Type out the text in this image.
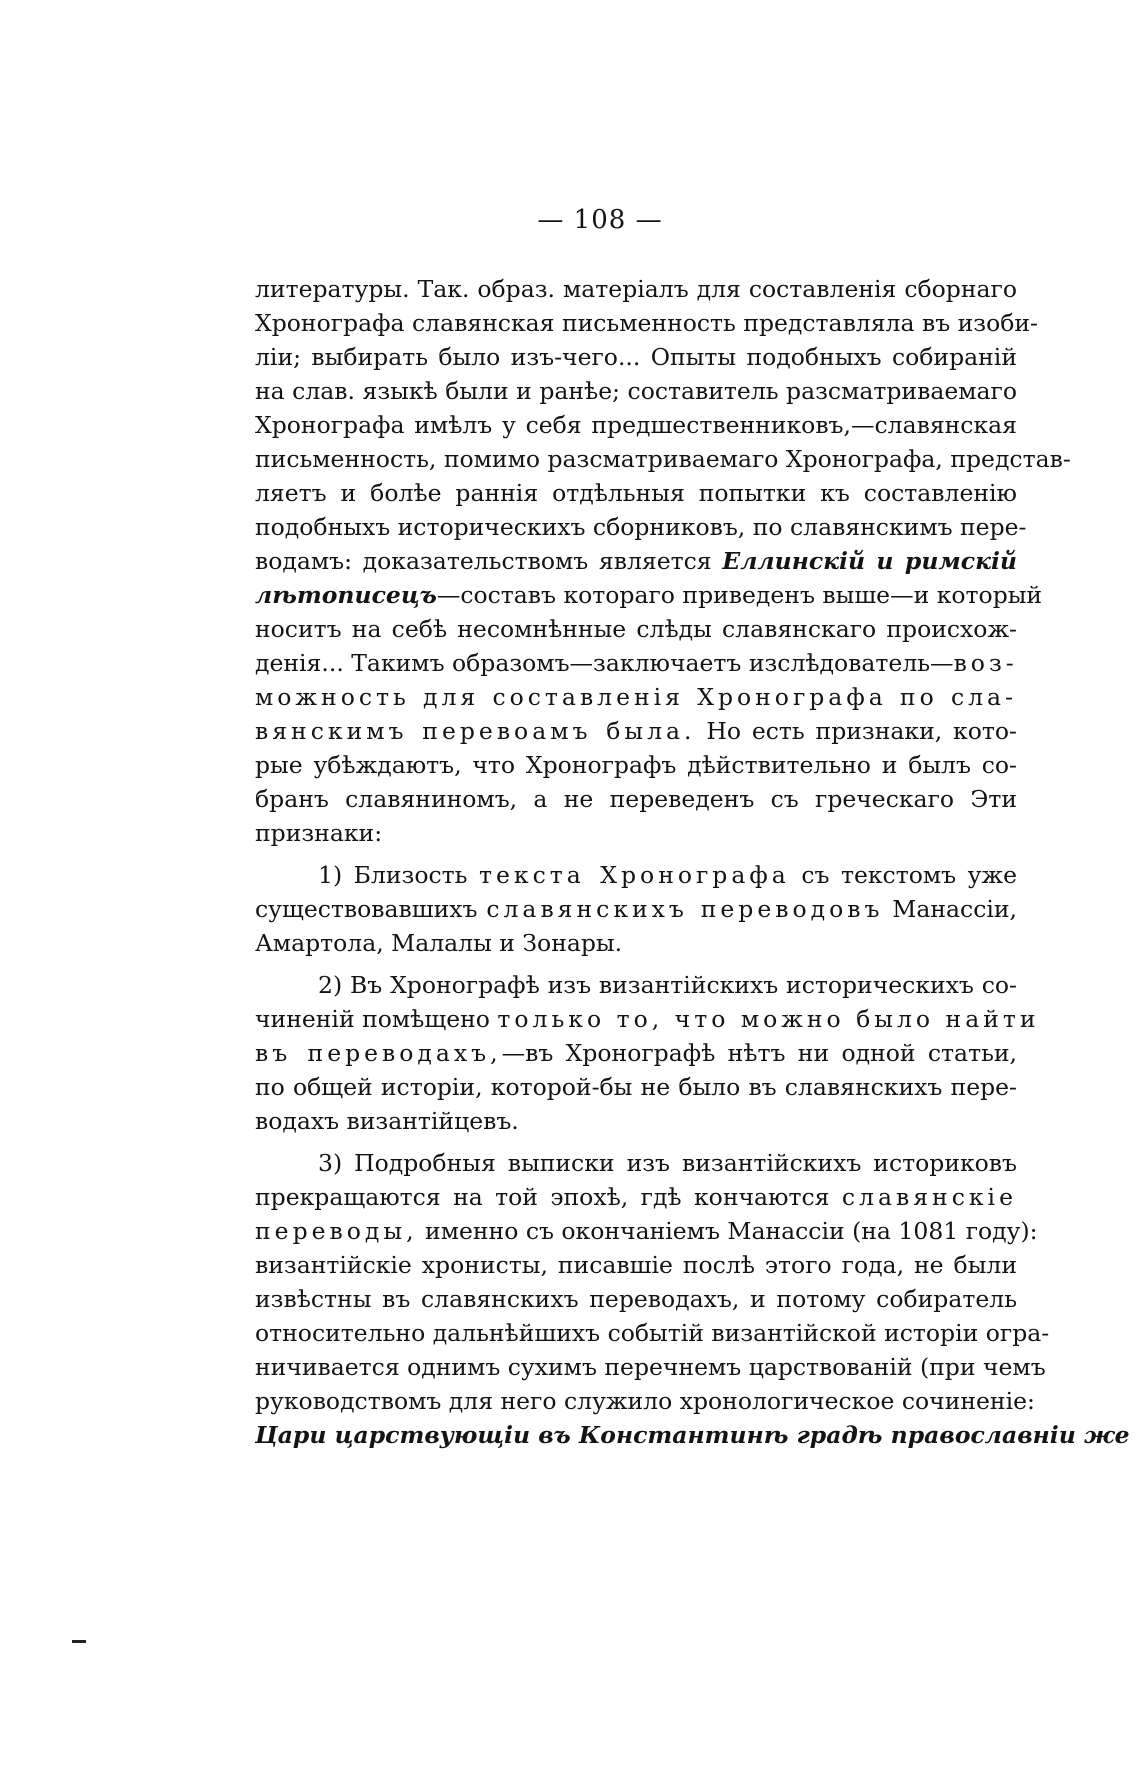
— 108 —
литературы. Так. образ. матеріалъ для составленія сборнаго
Хронографа славянская письменность представляла въ изоби-
ліи; выбирать было изъ-чего... Опыты подобныхъ собираній
на слав. языкѣ были и ранѣе; составитель разсматриваемаго
Хронографа имѣлъ у себя предшественниковъ,—славянская
письменность, помимо разсматриваемаго Хронографа, представ-
ляетъ и болѣе раннія отдѣльныя попытки къ составленію
подобныхъ историческихъ сборниковъ, по славянскимъ пере-
водамъ: доказательствомъ является Еллинскій и римскій
лѣтописецъ—составъ котораго приведенъ выше—и который
носитъ на себѣ несомнѣнные слѣды славянскаго происхож-
денія... Такимъ образомъ—заключаетъ изслѣдователь—воз-
можность для составленія Хронографа по сла-
вянскимъ перевоамъ была. Но есть признаки, кото-
рые убѣждаютъ, что Хронографъ дѣйствительно и былъ со-
бранъ славяниномъ, а не переведенъ съ греческаго Эти
признаки:
1) Близость текста Хронографа съ текстомъ уже
существовавшихъ славянскихъ переводовъ Манассіи,
Амартола, Малалы и Зонары.
2) Въ Хронографѣ изъ византійскихъ историческихъ со-
чиненій помѣщено только то, что можно было найти
въ переводахъ,—въ Хронографѣ нѣтъ ни одной статьи,
по общей исторіи, которой-бы не было въ славянскихъ пере-
водахъ византійцевъ.
3) Подробныя выписки изъ византійскихъ историковъ
прекращаются на той эпохѣ, гдѣ кончаются славянскіе
переводы, именно съ окончаніемъ Манассіи (на 1081 году):
византійскіе хронисты, писавшіе послѣ этого года, не были
извѣстны въ славянскихъ переводахъ, и потому собиратель
относительно дальнѣйшихъ событій византійской исторіи огра-
ничивается однимъ сухимъ перечнемъ царствованій (при чемъ
руководствомъ для него служило хронологическое сочиненіе:
Цари царствующіи въ Константинѣ градѣ православніи же
